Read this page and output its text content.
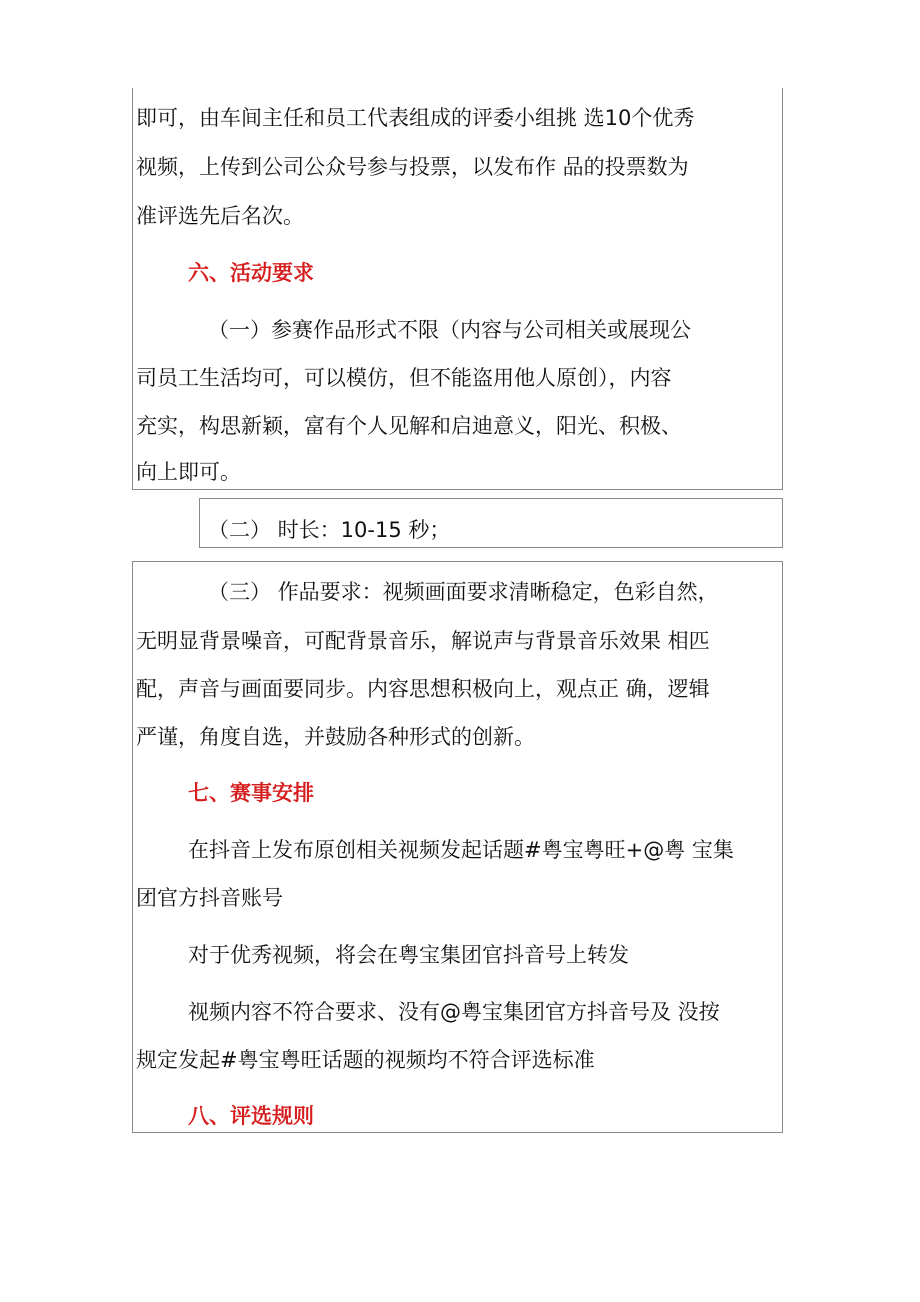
即可，由车间主任和员工代表组成的评委小组挑 选10个优秀
视频，上传到公司公众号参与投票，以发布作 品的投票数为
准评选先后名次。
六、活动要求
（一）参赛作品形式不限（内容与公司相关或展现公
司员工生活均可，可以模仿，但不能盗用他人原创），内容
充实，构思新颖，富有个人见解和启迪意义，阳光、积极、
向上即可。
（二） 时长：10-15 秒；
（三） 作品要求：视频画面要求清晰稳定，色彩自然，
无明显背景噪音，可配背景音乐，解说声与背景音乐效果 相匹
配，声音与画面要同步。内容思想积极向上，观点正 确，逻辑
严谨，角度自选，并鼓励各种形式的创新。
七、赛事安排
在抖音上发布原创相关视频发起话题#粤宝粤旺+@粤 宝集
团官方抖音账号
对于优秀视频，将会在粤宝集团官抖音号上转发
视频内容不符合要求、没有@粤宝集团官方抖音号及 没按
规定发起#粤宝粤旺话题的视频均不符合评选标准
八、评选规则
